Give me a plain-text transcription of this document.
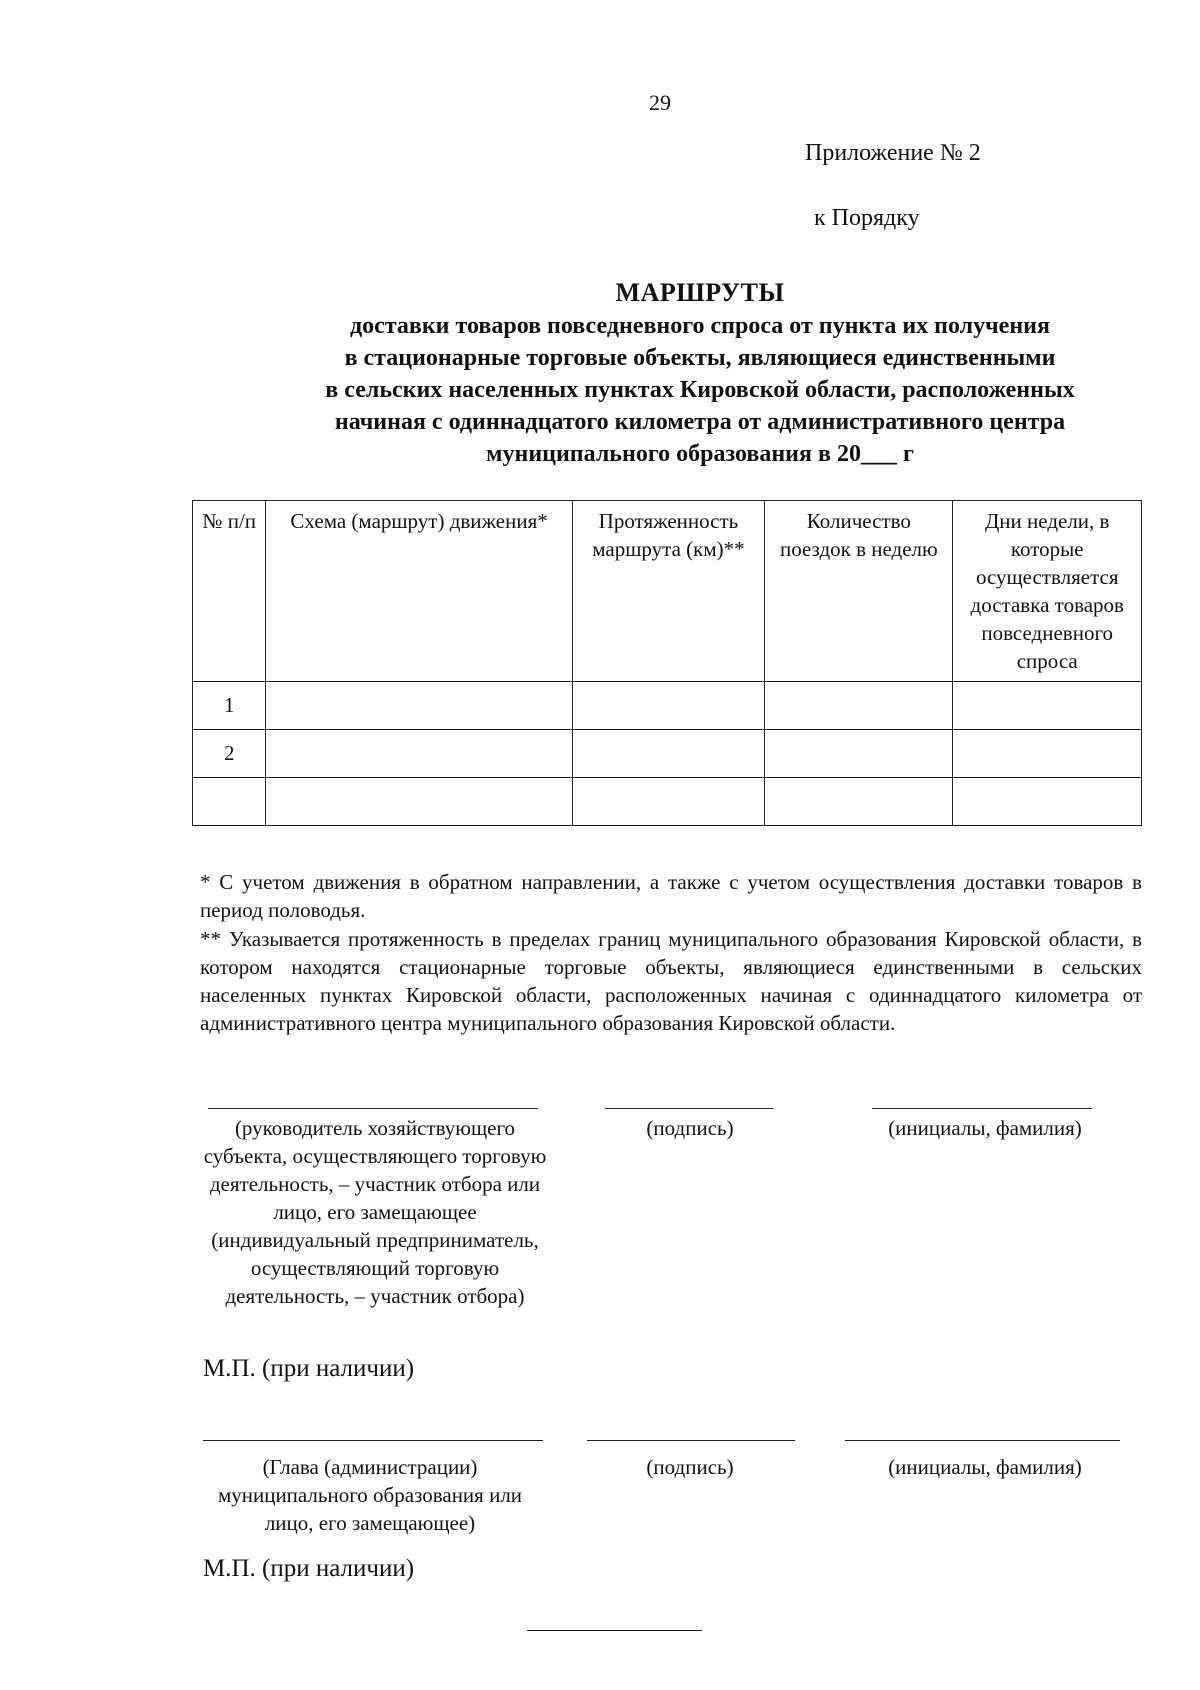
29
Приложение № 2
к Порядку
МАРШРУТЫ
доставки товаров повседневного спроса от пункта их получения
в стационарные торговые объекты, являющиеся единственными
в сельских населенных пунктах Кировской области, расположенных
начиная с одиннадцатого километра от административного центра
муниципального образования в 20___ г
№ п/п	Схема (маршрут) движения*	Протяженность маршрута (км)**	Количество поездок в неделю	Дни недели, в которые осуществляется доставка товаров повседневного спроса
1				
2				

* С учетом движения в обратном направлении, а также с учетом осуществления доставки товаров в период половодья.
** Указывается протяженность в пределах границ муниципального образования Кировской области, в котором находятся стационарные торговые объекты, являющиеся единственными в сельских населенных пунктах Кировской области, расположенных начиная с одиннадцатого километра от административного центра муниципального образования Кировской области.
(руководитель хозяйствующего субъекта, осуществляющего торговую деятельность, – участник отбора или лицо, его замещающее (индивидуальный предприниматель, осуществляющий торговую деятельность, – участник отбора)
(подпись)	(инициалы, фамилия)
М.П. (при наличии)
(Глава (администрации) муниципального образования или лицо, его замещающее)
(подпись)	(инициалы, фамилия)
М.П. (при наличии)
